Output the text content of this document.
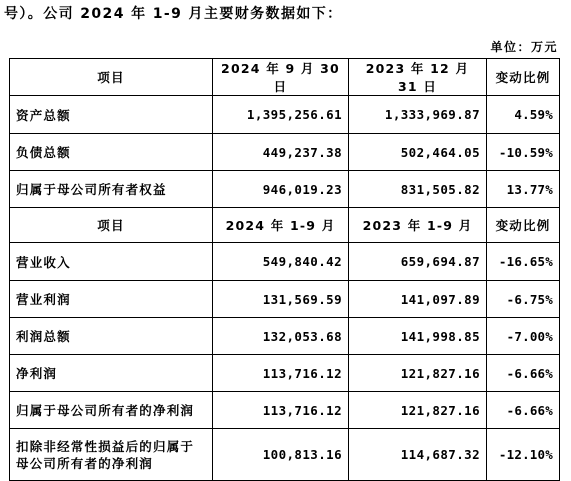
号）。公司 2024 年 1-9 月主要财务数据如下：
单位：万元
项目	2024 年 9 月 30 日	2023 年 12 月 31 日	变动比例
资产总额	1,395,256.61	1,333,969.87	4.59%
负债总额	449,237.38	502,464.05	-10.59%
归属于母公司所有者权益	946,019.23	831,505.82	13.77%
项目	2024 年 1-9 月	2023 年 1-9 月	变动比例
营业收入	549,840.42	659,694.87	-16.65%
营业利润	131,569.59	141,097.89	-6.75%
利润总额	132,053.68	141,998.85	-7.00%
净利润	113,716.12	121,827.16	-6.66%
归属于母公司所有者的净利润	113,716.12	121,827.16	-6.66%
扣除非经常性损益后的归属于母公司所有者的净利润	100,813.16	114,687.32	-12.10%
